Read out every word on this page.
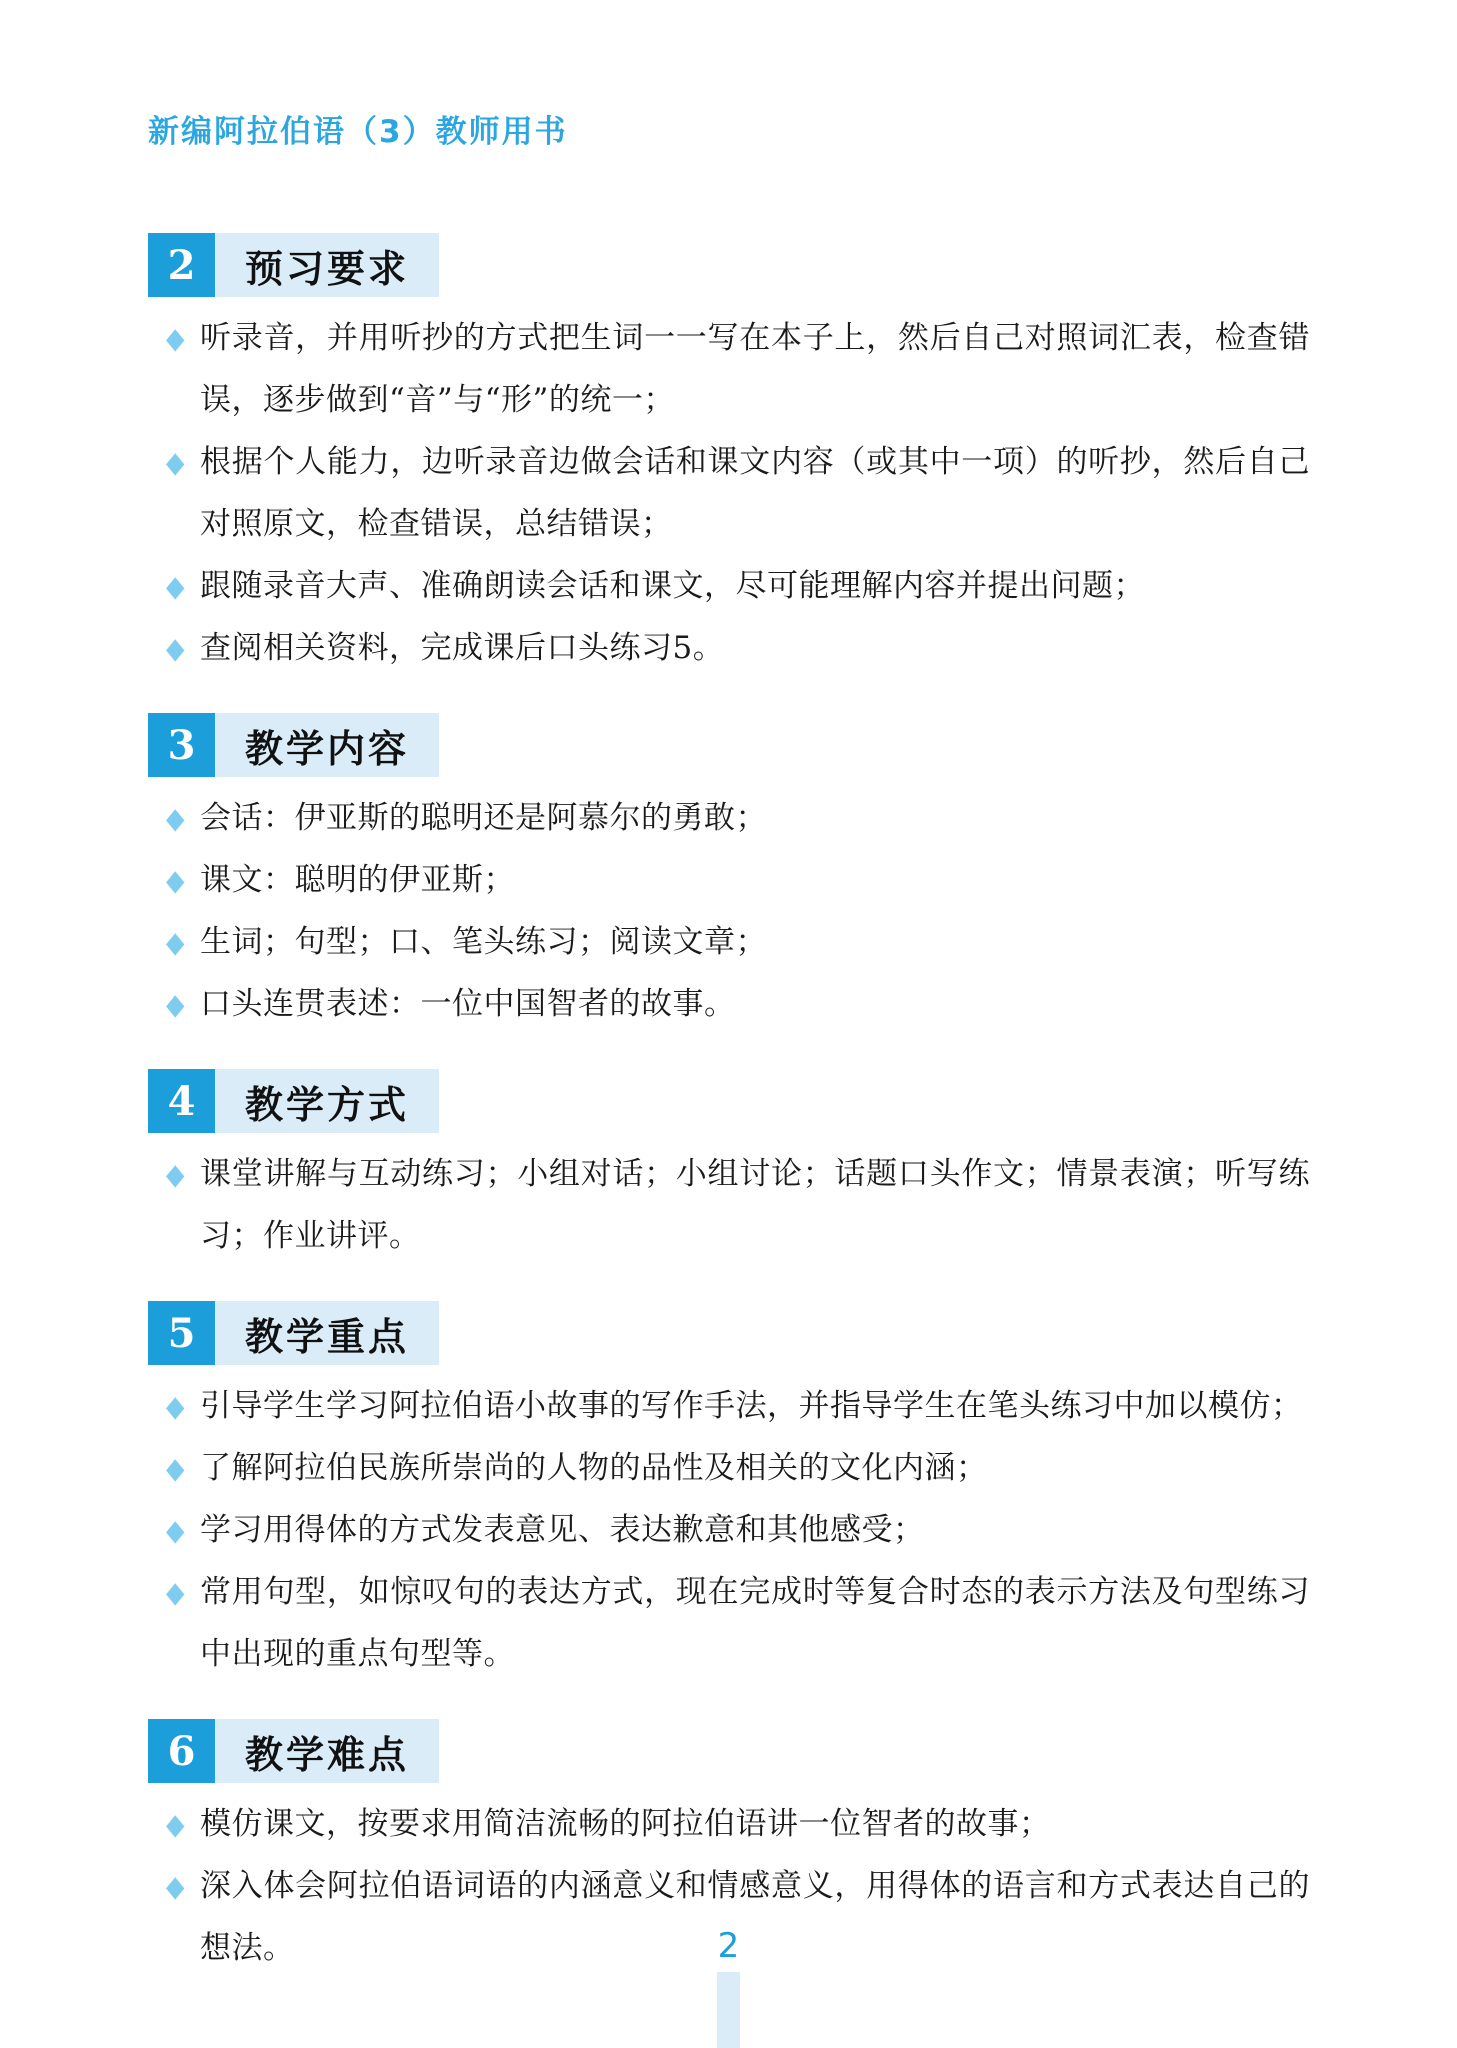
新编阿拉伯语（3）教师用书
2	预习要求
◆ 听录音，并用听抄的方式把生词一一写在本子上，然后自己对照词汇表，检查错误，逐步做到“音”与“形”的统一；
◆ 根据个人能力，边听录音边做会话和课文内容（或其中一项）的听抄，然后自己对照原文，检查错误，总结错误；
◆ 跟随录音大声、准确朗读会话和课文，尽可能理解内容并提出问题；
◆ 查阅相关资料，完成课后口头练习5。
3	教学内容
◆ 会话：伊亚斯的聪明还是阿慕尔的勇敢；
◆ 课文：聪明的伊亚斯；
◆ 生词；句型；口、笔头练习；阅读文章；
◆ 口头连贯表述：一位中国智者的故事。
4	教学方式
◆ 课堂讲解与互动练习；小组对话；小组讨论；话题口头作文；情景表演；听写练习；作业讲评。
5	教学重点
◆ 引导学生学习阿拉伯语小故事的写作手法，并指导学生在笔头练习中加以模仿；
◆ 了解阿拉伯民族所崇尚的人物的品性及相关的文化内涵；
◆ 学习用得体的方式发表意见、表达歉意和其他感受；
◆ 常用句型，如惊叹句的表达方式，现在完成时等复合时态的表示方法及句型练习中出现的重点句型等。
6	教学难点
◆ 模仿课文，按要求用简洁流畅的阿拉伯语讲一位智者的故事；
◆ 深入体会阿拉伯语词语的内涵意义和情感意义，用得体的语言和方式表达自己的想法。	2
